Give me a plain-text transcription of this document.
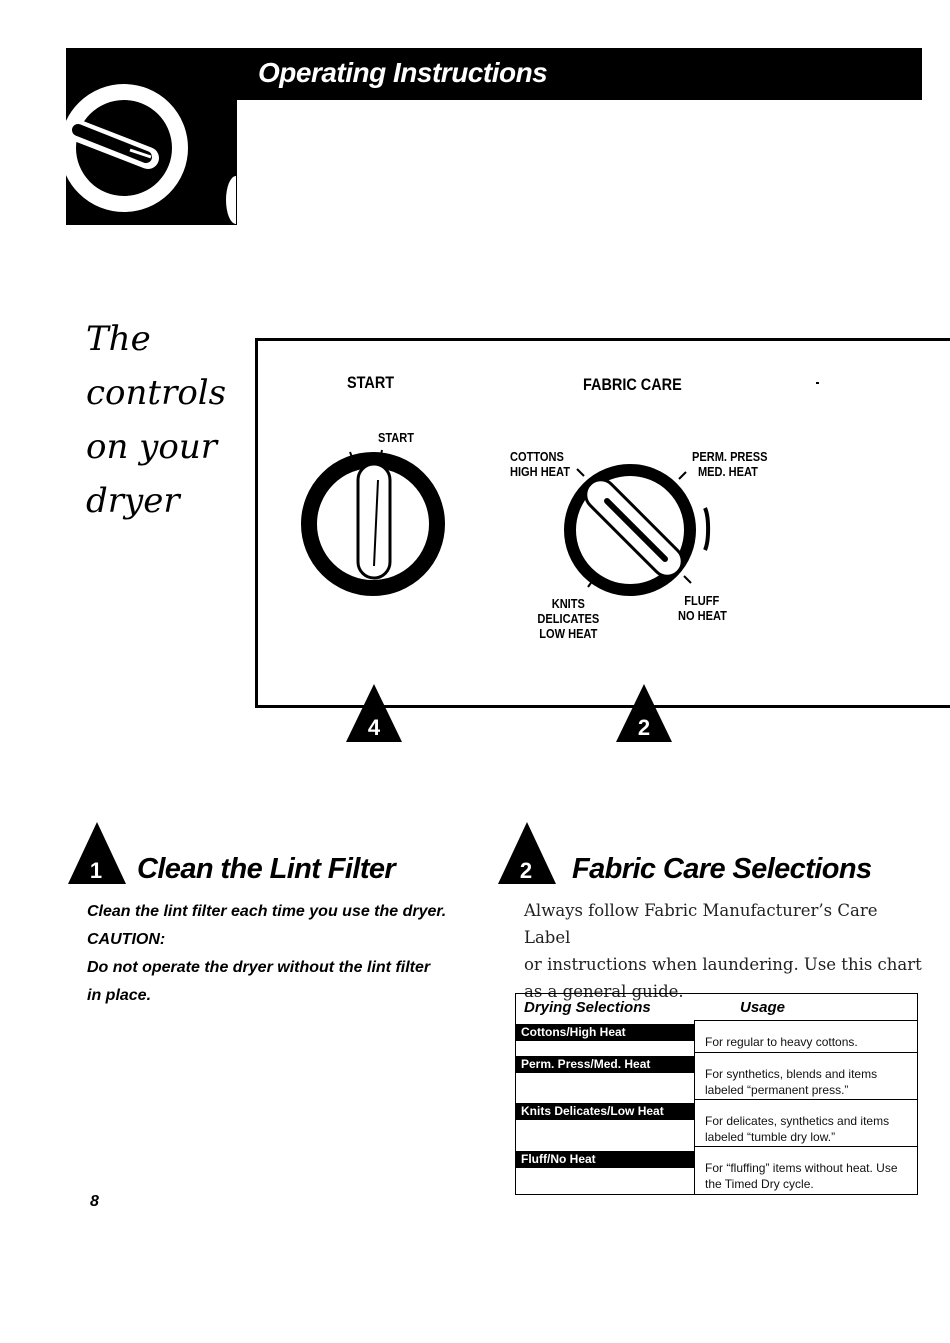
Operating Instructions
The
controls
on your
dryer
START
START
FABRIC CARE
COTTONS
HIGH HEAT
PERM. PRESS
MED. HEAT
KNITS
DELICATES
LOW HEAT
FLUFF
NO HEAT
4	2
1 Clean the Lint Filter
Clean the lint filter each time you use the dryer.
CAUTION:
Do not operate the dryer without the lint filter
in place.
2 Fabric Care Selections
Always follow Fabric Manufacturer’s Care Label
or instructions when laundering. Use this chart
as a general guide.
Drying Selections	Usage
Cottons/High Heat
For regular to heavy cottons.
Perm. Press/Med. Heat
For synthetics, blends and items labeled “permanent press.”
Knits Delicates/Low Heat
For delicates, synthetics and items labeled “tumble dry low.”
Fluff/No Heat
For “fluffing” items without heat. Use the Timed Dry cycle.
8
